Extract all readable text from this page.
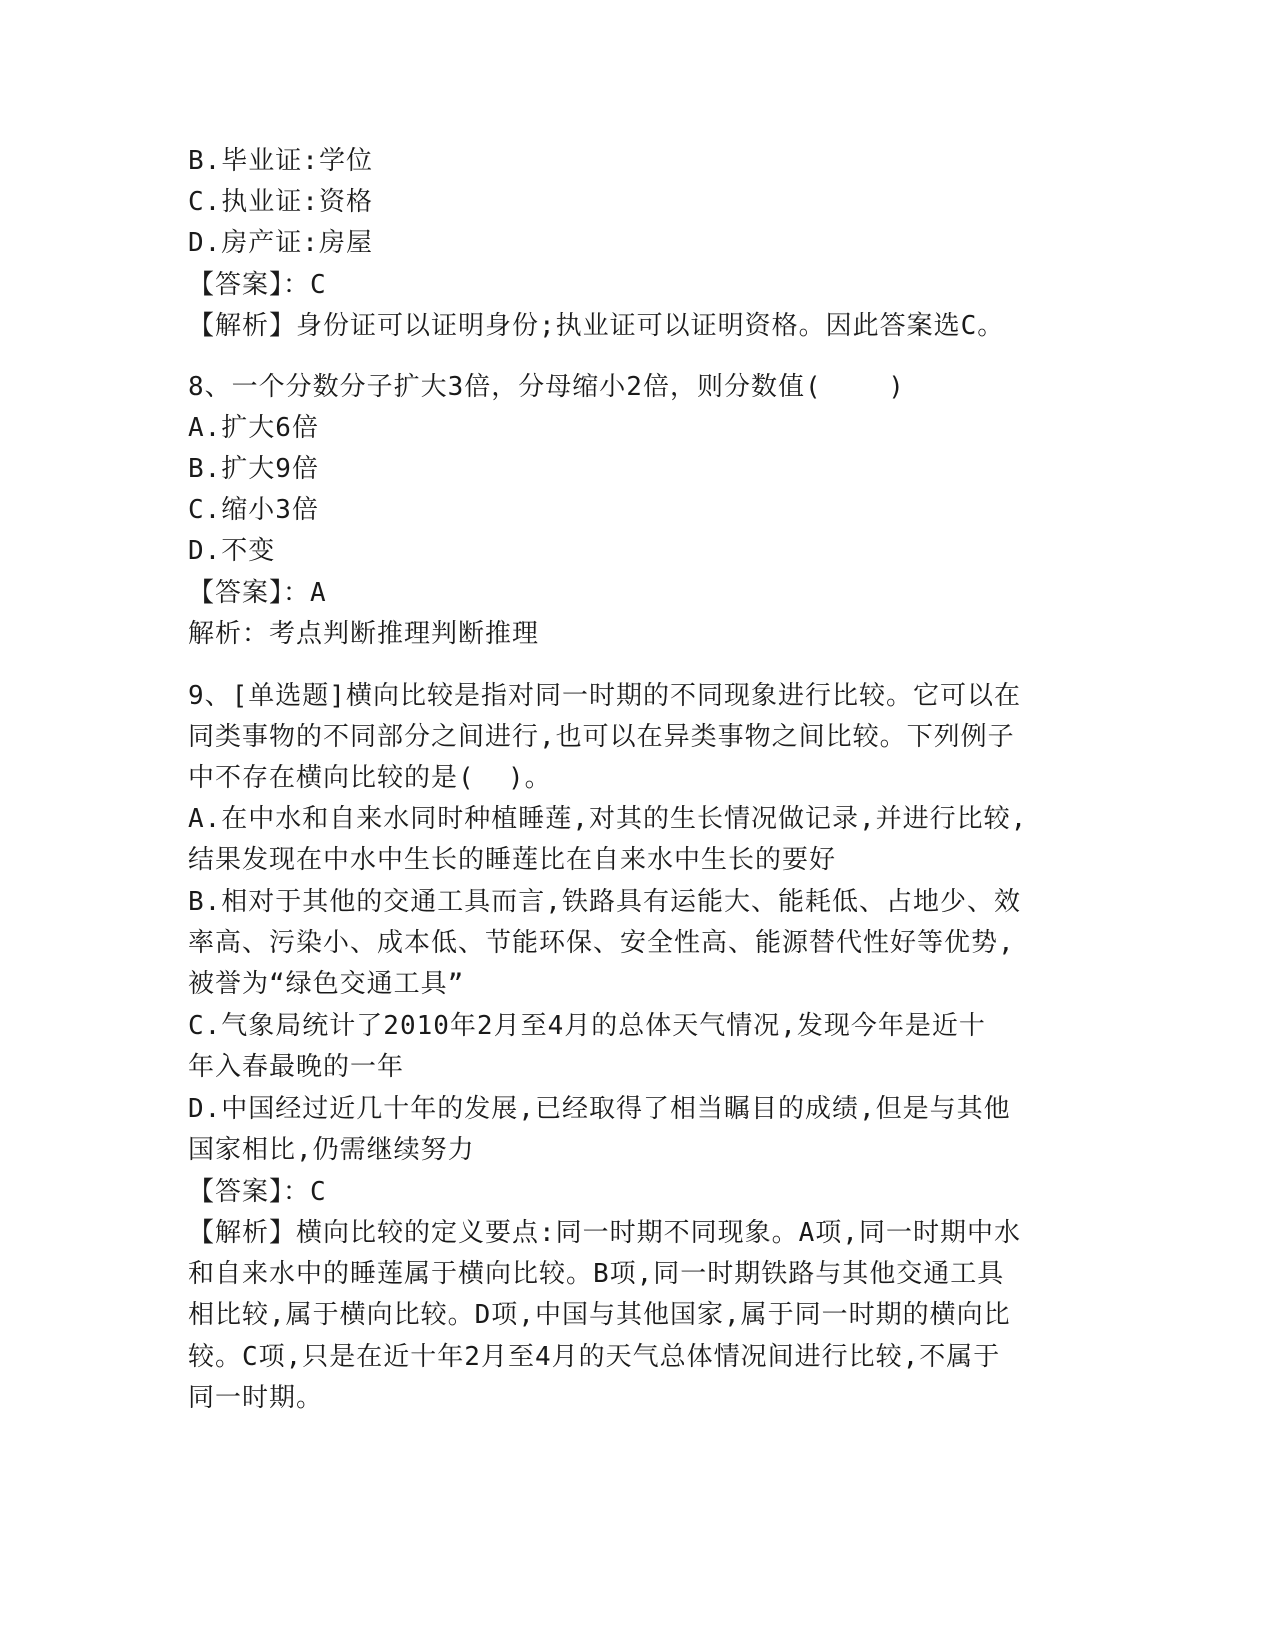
B.毕业证:学位
C.执业证:资格
D.房产证:房屋
【答案】：C
【解析】身份证可以证明身份;执业证可以证明资格。因此答案选C。
8、一个分数分子扩大3倍，分母缩小2倍，则分数值(    )
A.扩大6倍
B.扩大9倍
C.缩小3倍
D.不变
【答案】：A
解析：考点判断推理判断推理
9、[单选题]横向比较是指对同一时期的不同现象进行比较。它可以在
同类事物的不同部分之间进行,也可以在异类事物之间比较。下列例子
中不存在横向比较的是(  )。
A.在中水和自来水同时种植睡莲,对其的生长情况做记录,并进行比较,
结果发现在中水中生长的睡莲比在自来水中生长的要好
B.相对于其他的交通工具而言,铁路具有运能大、能耗低、占地少、效
率高、污染小、成本低、节能环保、安全性高、能源替代性好等优势,
被誉为“绿色交通工具”
C.气象局统计了2010年2月至4月的总体天气情况,发现今年是近十
年入春最晚的一年
D.中国经过近几十年的发展,已经取得了相当瞩目的成绩,但是与其他
国家相比,仍需继续努力
【答案】：C
【解析】横向比较的定义要点:同一时期不同现象。A项,同一时期中水
和自来水中的睡莲属于横向比较。B项,同一时期铁路与其他交通工具
相比较,属于横向比较。D项,中国与其他国家,属于同一时期的横向比
较。C项,只是在近十年2月至4月的天气总体情况间进行比较,不属于
同一时期。
